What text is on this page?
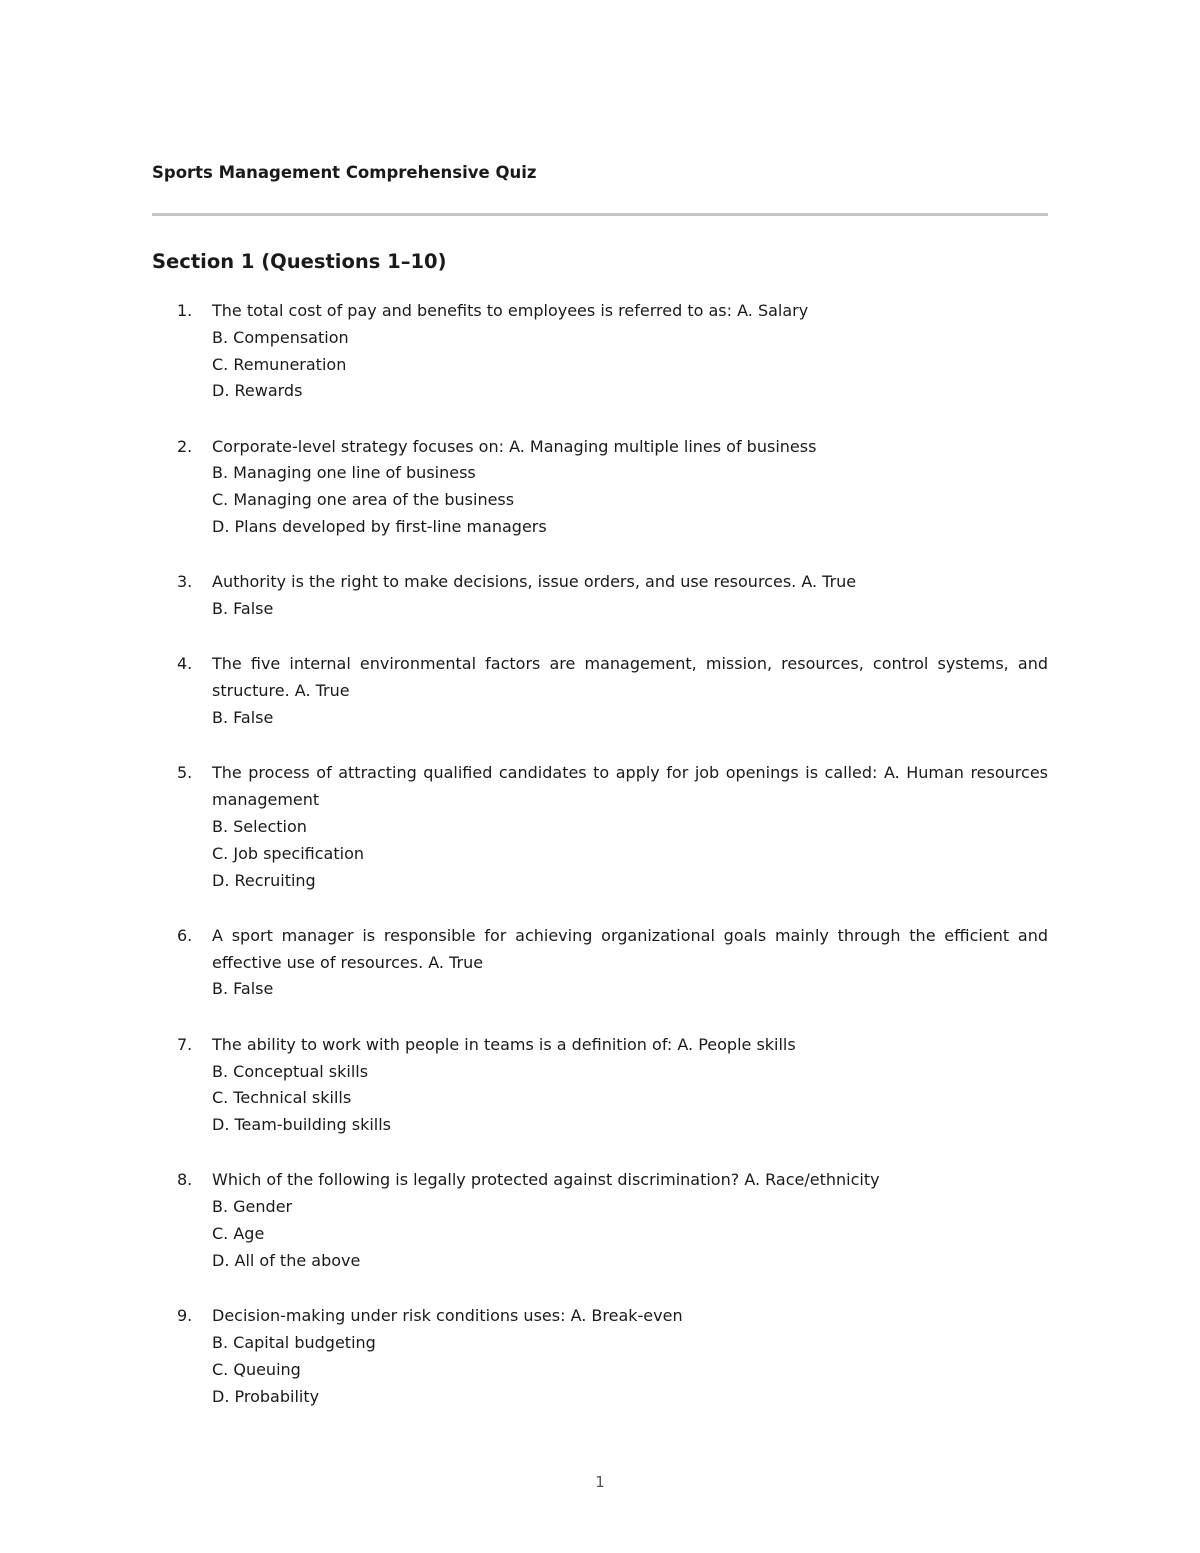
Sports Management Comprehensive Quiz
Section 1 (Questions 1–10)
1.	The total cost of pay and benefits to employees is referred to as: A. Salary
B. Compensation
C. Remuneration
D. Rewards
2.	Corporate-level strategy focuses on: A. Managing multiple lines of business
B. Managing one line of business
C. Managing one area of the business
D. Plans developed by first-line managers
3.	Authority is the right to make decisions, issue orders, and use resources. A. True
B. False
4.	The five internal environmental factors are management, mission, resources, control systems, and structure. A. True
B. False
5.	The process of attracting qualified candidates to apply for job openings is called: A. Human resources management
B. Selection
C. Job specification
D. Recruiting
6.	A sport manager is responsible for achieving organizational goals mainly through the efficient and effective use of resources. A. True
B. False
7.	The ability to work with people in teams is a definition of: A. People skills
B. Conceptual skills
C. Technical skills
D. Team-building skills
8.	Which of the following is legally protected against discrimination? A. Race/ethnicity
B. Gender
C. Age
D. All of the above
9.	Decision-making under risk conditions uses: A. Break-even
B. Capital budgeting
C. Queuing
D. Probability
1
